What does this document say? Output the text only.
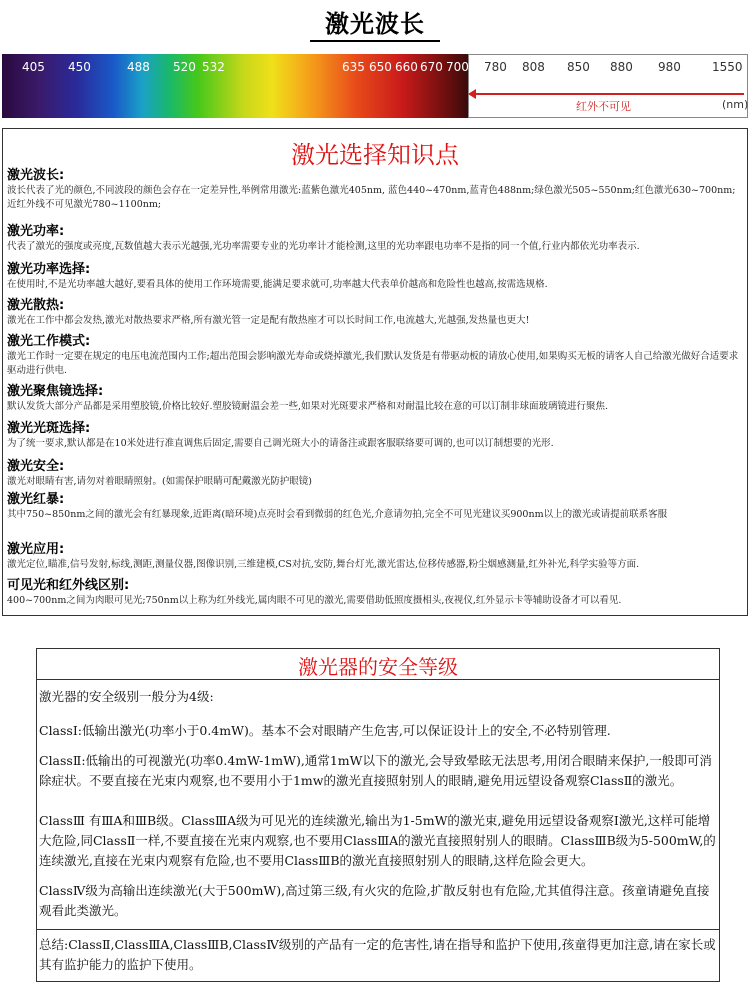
激光波长
405 450	488 520 532	635 650 660 670 700 780 808 850 880 980	1550
红外不可见	(nm)
激光选择知识点
激光波长:
波长代表了光的颜色,不同波段的颜色会存在一定差异性,举例常用激光:蓝紫色激光405nm, 蓝色440~470nm,蓝青色488nm;绿色激光505~550nm;红色激光630~700nm;近红外线不可见激光780~1100nm;
激光功率:
代表了激光的强度或亮度,瓦数值越大表示光越强,光功率需要专业的光功率计才能检测,这里的光功率跟电功率不是指的同一个值,行业内都依光功率表示.
激光功率选择:
在使用时,不是光功率越大越好,要看具体的使用工作环境需要,能满足要求就可,功率越大代表单价越高和危险性也越高,按需选规格.
激光散热:
激光在工作中都会发热,激光对散热要求严格,所有激光管一定是配有散热座才可以长时间工作,电流越大,光越强,发热量也更大!
激光工作模式:
激光工作时一定要在规定的电压电流范围内工作;超出范围会影响激光寿命或烧掉激光,我们默认发货是有带驱动板的请放心使用,如果购买无板的请客人自己给激光做好合适要求驱动进行供电.
激光聚焦镜选择:
默认发货大部分产品都是采用塑胶镜,价格比较好.塑胶镜耐温会差一些,如果对光斑要求严格和对耐温比较在意的可以订制非球面玻璃镜进行聚焦.
激光光斑选择:
为了统一要求,默认都是在10米处进行准直调焦后固定,需要自己调光斑大小的请备注或跟客服联络要可调的,也可以订制想要的光形.
激光安全:
激光对眼睛有害,请勿对着眼睛照射。(如需保护眼睛可配戴激光防护眼镜)
激光红暴:
其中750~850nm之间的激光会有红暴现象,近距离(暗环境)点亮时会看到微弱的红色光,介意请勿拍,完全不可见光建议买900nm以上的激光或请提前联系客服
激光应用:
激光定位,瞄准,信号发射,标线,测距,测量仪器,图像识别,三维建模,CS对抗,安防,舞台灯光,激光雷达,位移传感器,粉尘烟感测量,红外补光,科学实验等方面.
可见光和红外线区别:
400~700nm之间为肉眼可见光;750nm以上称为红外线光,属肉眼不可见的激光,需要借助低照度摄相头,夜视仪,红外显示卡等辅助设备才可以看见.
激光器的安全等级
激光器的安全级别一般分为4级:
ClassⅠ:低输出激光(功率小于0.4mW)。基本不会对眼睛产生危害,可以保证设计上的安全,不必特别管理.
ClassⅡ:低输出的可视激光(功率0.4mW-1mW),通常1mW以下的激光,会导致晕眩无法思考,用闭合眼睛来保护,一般即可消除症状。不要直接在光束内观察,也不要用小于1mw的激光直接照射别人的眼睛,避免用远望设备观察ClassⅡ的激光。
ClassⅢ 有ⅢA和ⅢB级。ClassⅢA级为可见光的连续激光,输出为1-5mW的激光束,避免用远望设备观察Ⅰ激光,这样可能增大危险,同ClassⅡ一样,不要直接在光束内观察,也不要用ClassⅢA的激光直接照射别人的眼睛。ClassⅢB级为5-500mW,的连续激光,直接在光束内观察有危险,也不要用ClassⅢB的激光直接照射别人的眼睛,这样危险会更大。
ClassⅣ级为高输出连续激光(大于500mW),高过第三级,有火灾的危险,扩散反射也有危险,尤其值得注意。孩童请避免直接观看此类激光。
总结:ClassⅡ,ClassⅢA,ClassⅢB,ClassⅣ级别的产品有一定的危害性,请在指导和监护下使用,孩童得更加注意,请在家长或其有监护能力的监护下使用。
